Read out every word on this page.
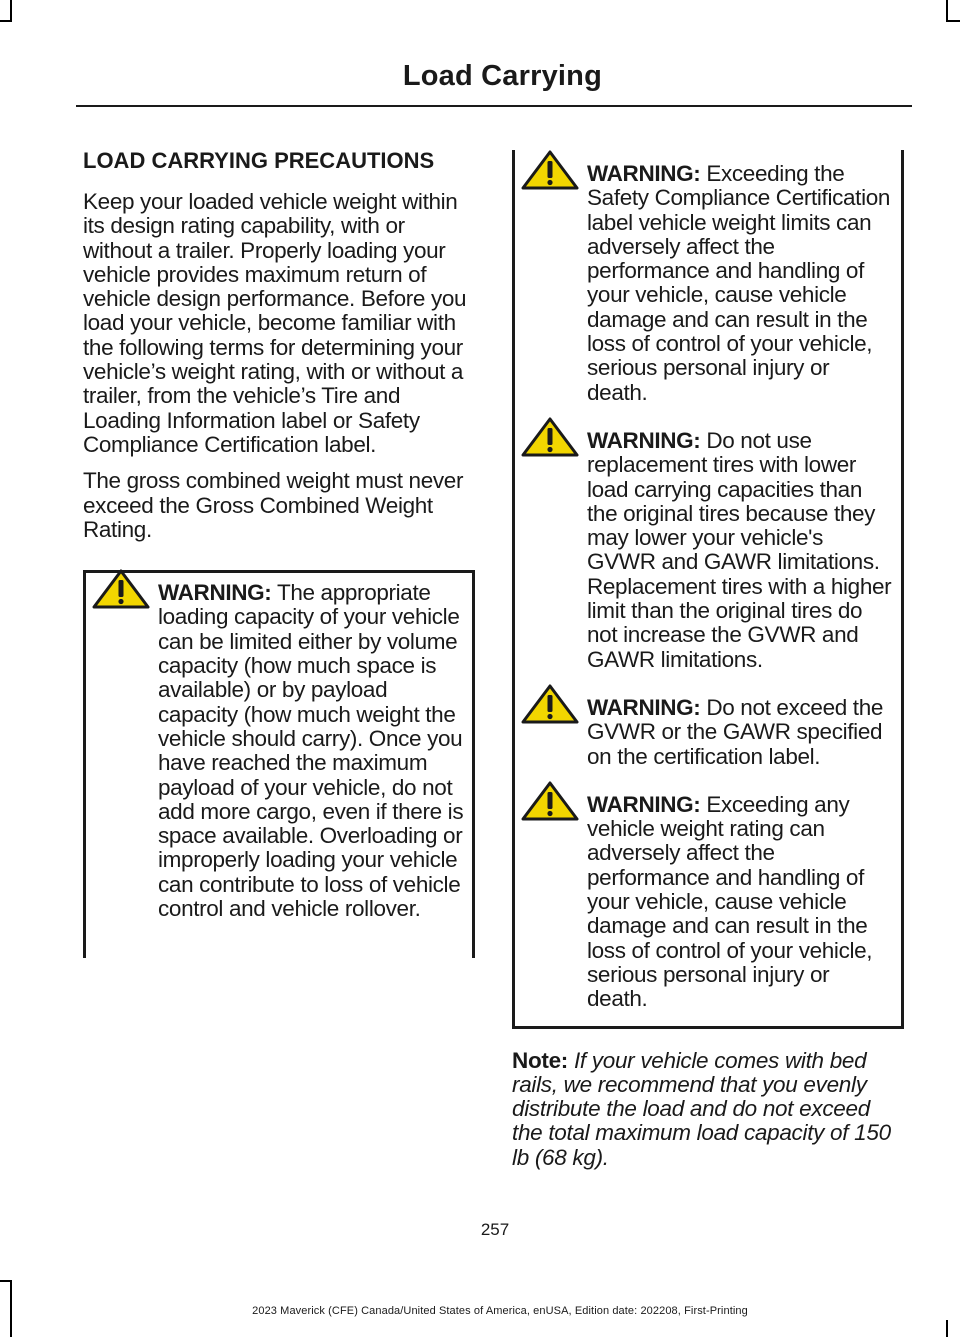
Load Carrying
LOAD CARRYING PRECAUTIONS

Keep your loaded vehicle weight within its design rating capability, with or without a trailer. Properly loading your vehicle provides maximum return of vehicle design performance. Before you load your vehicle, become familiar with the following terms for determining your vehicle’s weight rating, with or without a trailer, from the vehicle’s Tire and Loading Information label or Safety Compliance Certification label.

The gross combined weight must never exceed the Gross Combined Weight Rating.

WARNING: The appropriate loading capacity of your vehicle can be limited either by volume capacity (how much space is available) or by payload capacity (how much weight the vehicle should carry). Once you have reached the maximum payload of your vehicle, do not add more cargo, even if there is space available. Overloading or improperly loading your vehicle can contribute to loss of vehicle control and vehicle rollover.
WARNING: Exceeding the Safety Compliance Certification label vehicle weight limits can adversely affect the performance and handling of your vehicle, cause vehicle damage and can result in the loss of control of your vehicle, serious personal injury or death.
WARNING: Do not use replacement tires with lower load carrying capacities than the original tires because they may lower your vehicle's GVWR and GAWR limitations. Replacement tires with a higher limit than the original tires do not increase the GVWR and GAWR limitations.
WARNING: Do not exceed the GVWR or the GAWR specified on the certification label.
WARNING: Exceeding any vehicle weight rating can adversely affect the performance and handling of your vehicle, cause vehicle damage and can result in the loss of control of your vehicle, serious personal injury or death.
Note: If your vehicle comes with bed rails, we recommend that you evenly distribute the load and do not exceed the total maximum load capacity of 150 lb (68 kg).
257
2023 Maverick (CFE) Canada/United States of America, enUSA, Edition date: 202208, First-Printing
